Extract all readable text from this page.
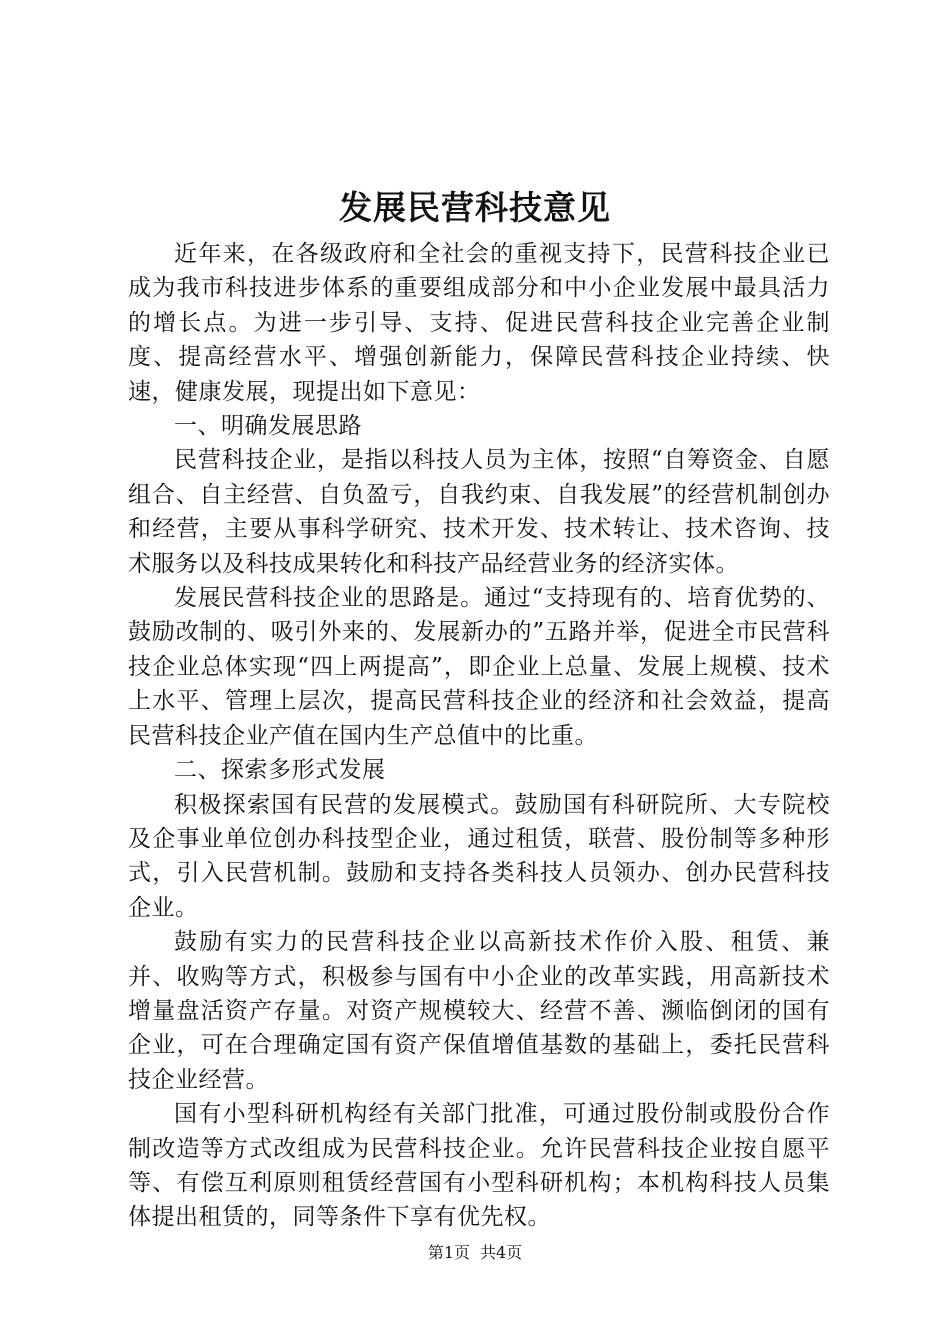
发展民营科技意见

近年来，在各级政府和全社会的重视支持下，民营科技企业已成为我市科技进步体系的重要组成部分和中小企业发展中最具活力的增长点。为进一步引导、支持、促进民营科技企业完善企业制度、提高经营水平、增强创新能力，保障民营科技企业持续、快速，健康发展，现提出如下意见：

一、明确发展思路

民营科技企业，是指以科技人员为主体，按照“自筹资金、自愿组合、自主经营、自负盈亏，自我约束、自我发展”的经营机制创办和经营，主要从事科学研究、技术开发、技术转让、技术咨询、技术服务以及科技成果转化和科技产品经营业务的经济实体。

发展民营科技企业的思路是。通过“支持现有的、培育优势的、鼓励改制的、吸引外来的、发展新办的”五路并举，促进全市民营科技企业总体实现“四上两提高”，即企业上总量、发展上规模、技术上水平、管理上层次，提高民营科技企业的经济和社会效益，提高民营科技企业产值在国内生产总值中的比重。

二、探索多形式发展

积极探索国有民营的发展模式。鼓励国有科研院所、大专院校及企事业单位创办科技型企业，通过租赁，联营、股份制等多种形式，引入民营机制。鼓励和支持各类科技人员领办、创办民营科技企业。

鼓励有实力的民营科技企业以高新技术作价入股、租赁、兼并、收购等方式，积极参与国有中小企业的改革实践，用高新技术增量盘活资产存量。对资产规模较大、经营不善、濒临倒闭的国有企业，可在合理确定国有资产保值增值基数的基础上，委托民营科技企业经营。

国有小型科研机构经有关部门批准，可通过股份制或股份合作制改造等方式改组成为民营科技企业。允许民营科技企业按自愿平等、有偿互利原则租赁经营国有小型科研机构；本机构科技人员集体提出租赁的，同等条件下享有优先权。

第1页 共4页
